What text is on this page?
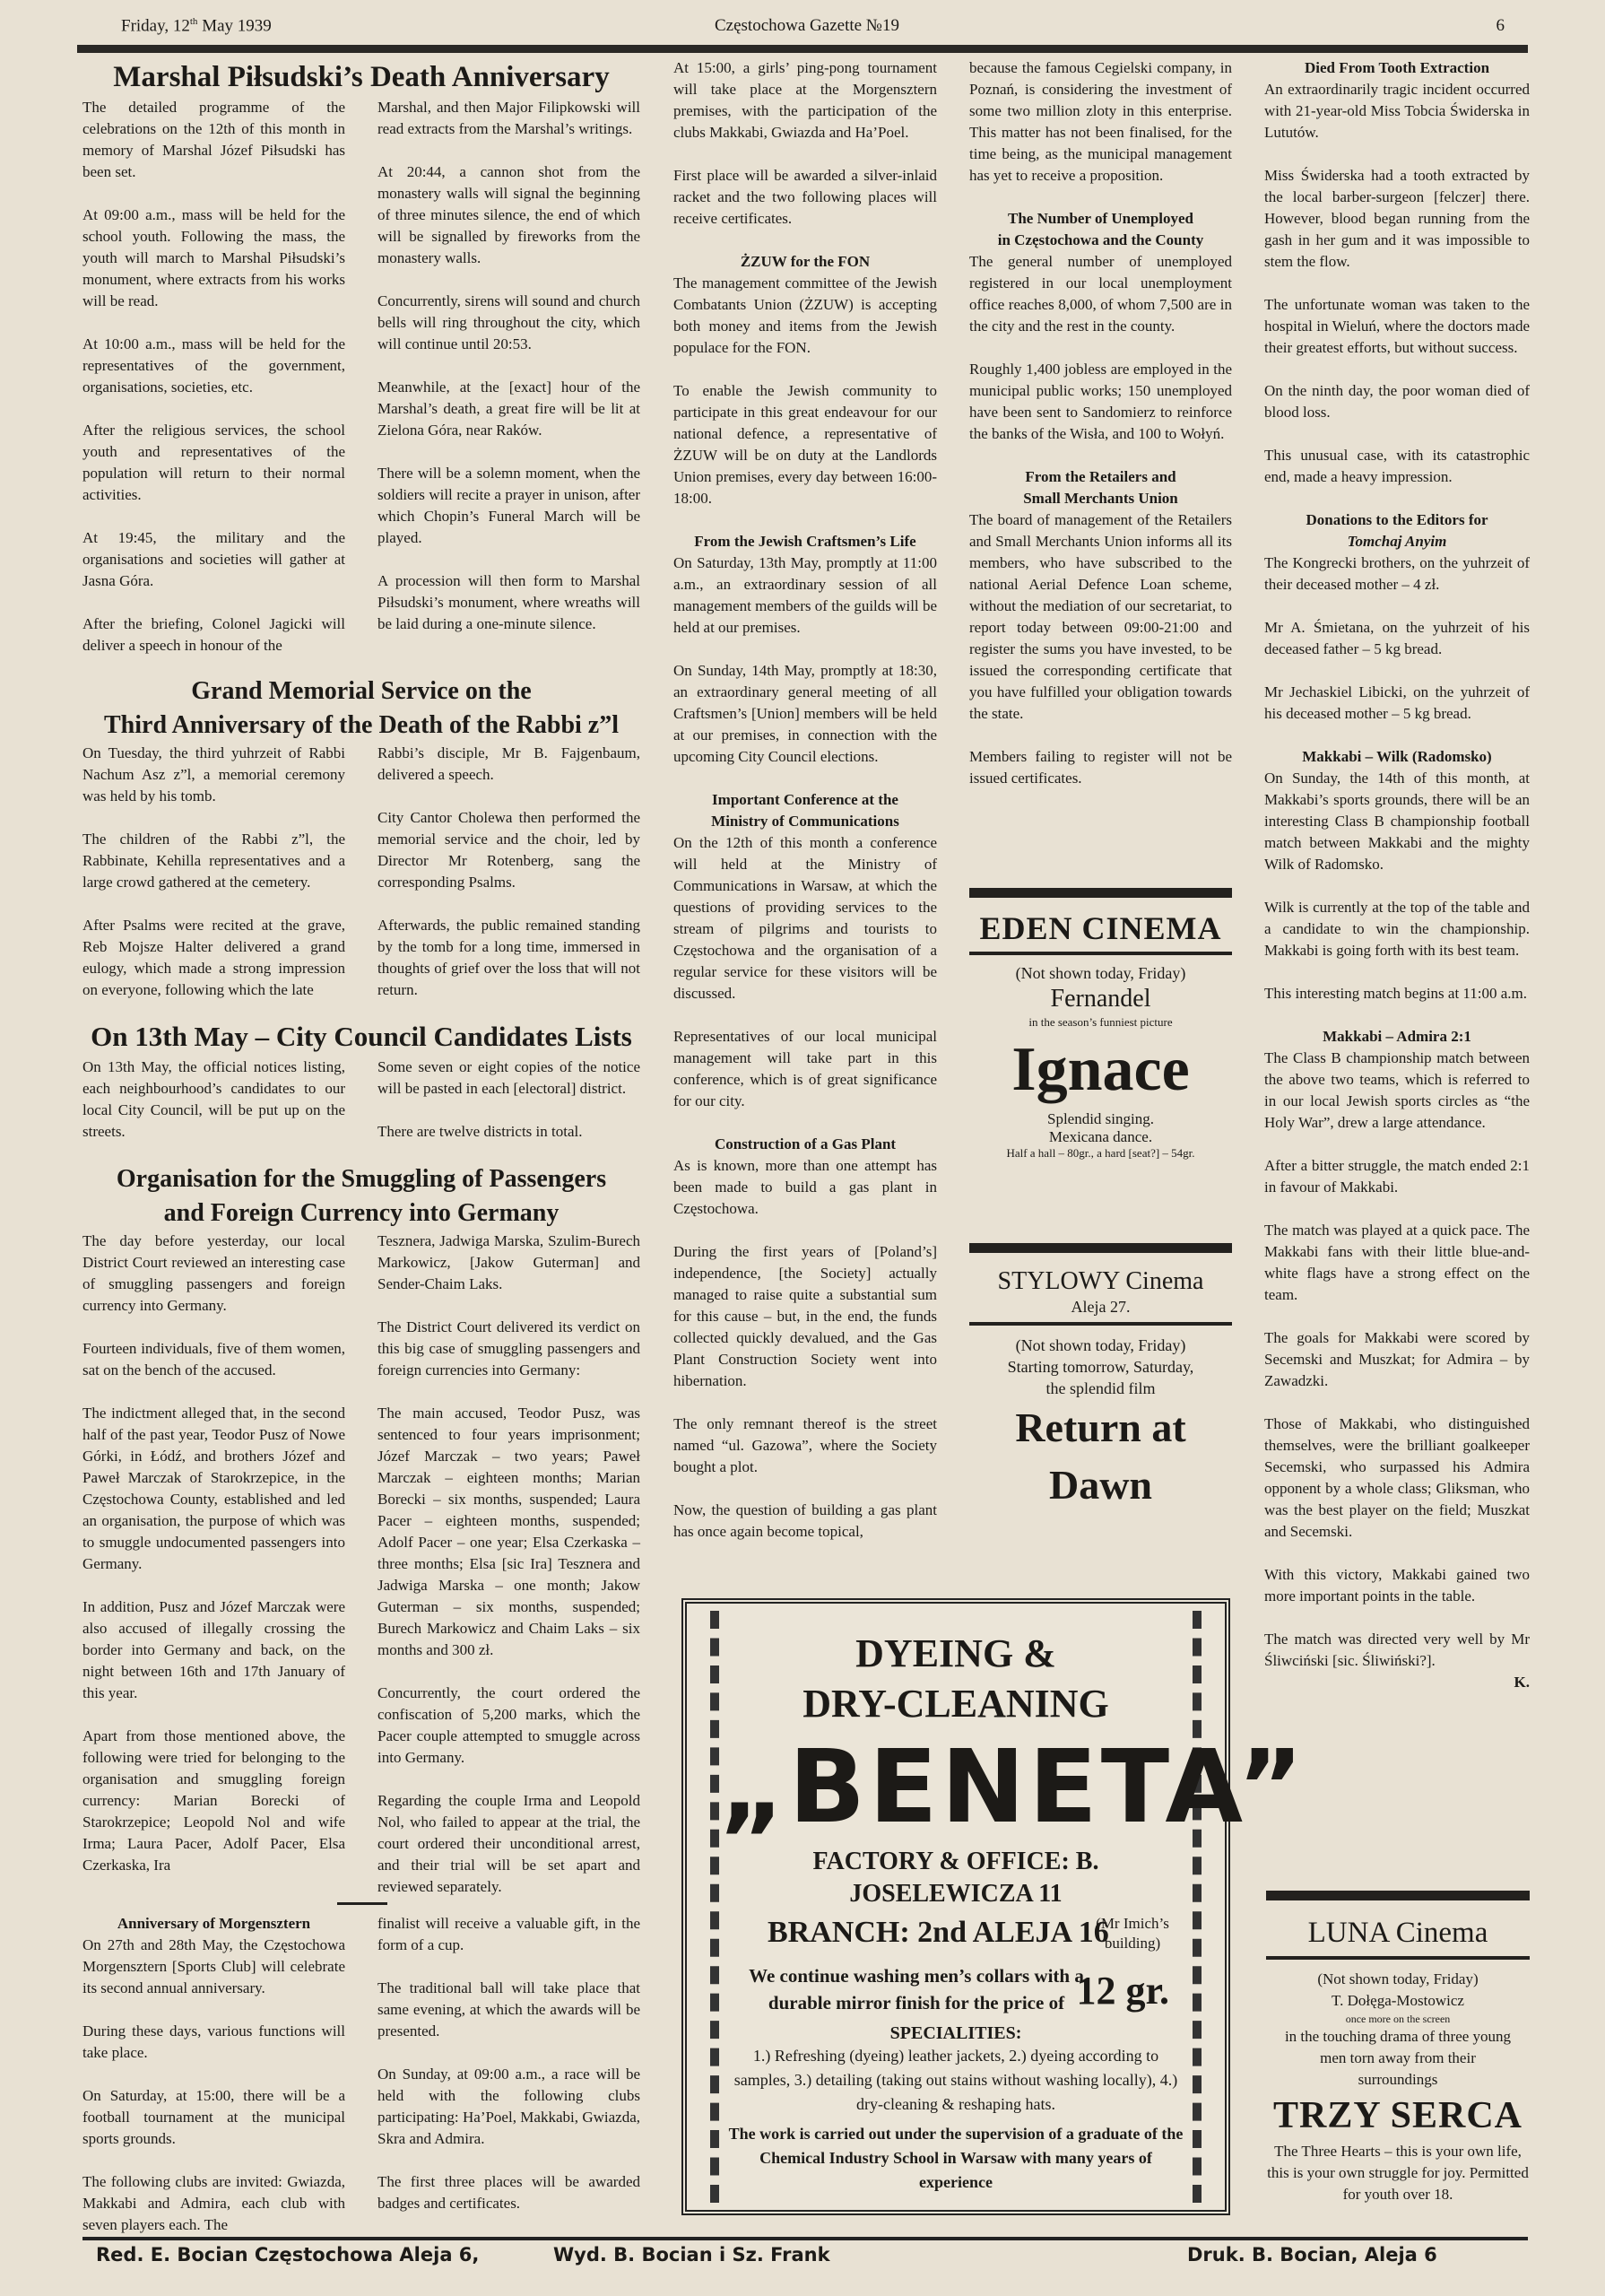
Friday, 12th May 1939	Częstochowa Gazette №19	6
Marshal Piłsudski’s Death Anniversary

The detailed programme of the celebrations on the 12th of this month in memory of Marshal Józef Piłsudski has been set.

At 09:00 a.m., mass will be held for the school youth. Following the mass, the youth will march to Marshal Piłsudski’s monument, where extracts from his works will be read.

At 10:00 a.m., mass will be held for the representatives of the government, organisations, societies, etc.

After the religious services, the school youth and representatives of the population will return to their normal activities.

At 19:45, the military and the organisations and societies will gather at Jasna Góra.

After the briefing, Colonel Jagicki will deliver a speech in honour of the

Marshal, and then Major Filipkowski will read extracts from the Marshal’s writings.

At 20:44, a cannon shot from the monastery walls will signal the beginning of three minutes silence, the end of which will be signalled by fireworks from the monastery walls.

Concurrently, sirens will sound and church bells will ring throughout the city, which will continue until 20:53.

Meanwhile, at the [exact] hour of the Marshal’s death, a great fire will be lit at Zielona Góra, near Raków.

There will be a solemn moment, when the soldiers will recite a prayer in unison, after which Chopin’s Funeral March will be played.

A procession will then form to Marshal Piłsudski’s monument, where wreaths will be laid during a one-minute silence.

Grand Memorial Service on the
Third Anniversary of the Death of the Rabbi z”l

On Tuesday, the third yuhrzeit of Rabbi Nachum Asz z”l, a memorial ceremony was held by his tomb.

The children of the Rabbi z”l, the Rabbinate, Kehilla representatives and a large crowd gathered at the cemetery.

After Psalms were recited at the grave, Reb Mojsze Halter delivered a grand eulogy, which made a strong impression on everyone, following which the late

Rabbi’s disciple, Mr B. Fajgenbaum, delivered a speech.

City Cantor Cholewa then performed the memorial service and the choir, led by Director Mr Rotenberg, sang the corresponding Psalms.

Afterwards, the public remained standing by the tomb for a long time, immersed in thoughts of grief over the loss that will not return.

On 13th May – City Council Candidates Lists

On 13th May, the official notices listing, each neighbourhood’s candidates to our local City Council, will be put up on the streets.

Some seven or eight copies of the notice will be pasted in each [electoral] district.

There are twelve districts in total.

Organisation for the Smuggling of Passengers
and Foreign Currency into Germany

The day before yesterday, our local District Court reviewed an interesting case of smuggling passengers and foreign currency into Germany.

Fourteen individuals, five of them women, sat on the bench of the accused.

The indictment alleged that, in the second half of the past year, Teodor Pusz of Nowe Górki, in Łódź, and brothers Józef and Paweł Marczak of Starokrzepice, in the Częstochowa County, established and led an organisation, the purpose of which was to smuggle undocumented passengers into Germany.

In addition, Pusz and Józef Marczak were also accused of illegally crossing the border into Germany and back, on the night between 16th and 17th January of this year.

Apart from those mentioned above, the following were tried for belonging to the organisation and smuggling foreign currency: Marian Borecki of Starokrzepice; Leopold Nol and wife Irma; Laura Pacer, Adolf Pacer, Elsa Czerkaska, Ira

Tesznera, Jadwiga Marska, Szulim-Burech Markowicz, [Jakow Guterman] and Sender-Chaim Laks.

The District Court delivered its verdict on this big case of smuggling passengers and foreign currencies into Germany:

The main accused, Teodor Pusz, was sentenced to four years imprisonment; Józef Marczak – two years; Paweł Marczak – eighteen months; Marian Borecki – six months, suspended; Laura Pacer – eighteen months, suspended; Adolf Pacer – one year; Elsa Czerkaska – three months; Elsa [sic Ira] Tesznera and Jadwiga Marska – one month; Jakow Guterman – six months, suspended; Burech Markowicz and Chaim Laks – six months and 300 zł.

Concurrently, the court ordered the confiscation of 5,200 marks, which the Pacer couple attempted to smuggle across into Germany.

Regarding the couple Irma and Leopold Nol, who failed to appear at the trial, the court ordered their unconditional arrest, and their trial will be set apart and reviewed separately.

Anniversary of Morgensztern

On 27th and 28th May, the Częstochowa Morgensztern [Sports Club] will celebrate its second annual anniversary.

During these days, various functions will take place.

On Saturday, at 15:00, there will be a football tournament at the municipal sports grounds.

The following clubs are invited: Gwiazda, Makkabi and Admira, each club with seven players each. The

finalist will receive a valuable gift, in the form of a cup.

The traditional ball will take place that same evening, at which the awards will be presented.

On Sunday, at 09:00 a.m., a race will be held with the following clubs participating: Ha’Poel, Makkabi, Gwiazda, Skra and Admira.

The first three places will be awarded badges and certificates.

At 15:00, a girls’ ping-pong tournament will take place at the Morgensztern premises, with the participation of the clubs Makkabi, Gwiazda and Ha’Poel.

First place will be awarded a silver-inlaid racket and the two following places will receive certificates.

ŻZUW for the FON

The management committee of the Jewish Combatants Union (ŻZUW) is accepting both money and items from the Jewish populace for the FON.

To enable the Jewish community to participate in this great endeavour for our national defence, a representative of ŻZUW will be on duty at the Landlords Union premises, every day between 16:00-18:00.

From the Jewish Craftsmen’s Life

On Saturday, 13th May, promptly at 11:00 a.m., an extraordinary session of all management members of the guilds will be held at our premises.

On Sunday, 14th May, promptly at 18:30, an extraordinary general meeting of all Craftsmen’s [Union] members will be held at our premises, in connection with the upcoming City Council elections.

Important Conference at the
Ministry of Communications

On the 12th of this month a conference will held at the Ministry of Communications in Warsaw, at which the questions of providing services to the stream of pilgrims and tourists to Częstochowa and the organisation of a regular service for these visitors will be discussed.

Representatives of our local municipal management will take part in this conference, which is of great significance for our city.

Construction of a Gas Plant

As is known, more than one attempt has been made to build a gas plant in Częstochowa.

During the first years of [Poland’s] independence, [the Society] actually managed to raise quite a substantial sum for this cause – but, in the end, the funds collected quickly devalued, and the Gas Plant Construction Society went into hibernation.

The only remnant thereof is the street named “ul. Gazowa”, where the Society bought a plot.

Now, the question of building a gas plant has once again become topical,

because the famous Cegielski company, in Poznań, is considering the investment of some two million zloty in this enterprise. This matter has not been finalised, for the time being, as the municipal management has yet to receive a proposition.

The Number of Unemployed
in Częstochowa and the County

The general number of unemployed registered in our local unemployment office reaches 8,000, of whom 7,500 are in the city and the rest in the county.

Roughly 1,400 jobless are employed in the municipal public works; 150 unemployed have been sent to Sandomierz to reinforce the banks of the Wisła, and 100 to Wołyń.

From the Retailers and
Small Merchants Union

The board of management of the Retailers and Small Merchants Union informs all its members, who have subscribed to the national Aerial Defence Loan scheme, without the mediation of our secretariat, to report today between 09:00-21:00 and register the sums you have invested, to be issued the corresponding certificate that you have fulfilled your obligation towards the state.

Members failing to register will not be issued certificates.

EDEN CINEMA
(Not shown today, Friday)
Fernandel
in the season’s funniest picture
Ignace
Splendid singing.
Mexicana dance.
Half a hall – 80gr., a hard [seat?] – 54gr.
STYLOWY Cinema
Aleja 27.
(Not shown today, Friday)
Starting tomorrow, Saturday,
the splendid film
Return at
Dawn
DYEING &
DRY-CLEANING
„BENETA”
FACTORY & OFFICE: B. JOSELEWICZA 11
BRANCH: 2nd ALEJA 16
(Mr Imich’s building)
We continue washing men’s collars with a durable mirror finish for the price of 12 gr.
SPECIALITIES:
1.) Refreshing (dyeing) leather jackets, 2.) dyeing according to samples, 3.) detailing (taking out stains without washing locally), 4.) dry-cleaning & reshaping hats.
The work is carried out under the supervision of a graduate of the Chemical Industry School in Warsaw with many years of experience
Died From Tooth Extraction

An extraordinarily tragic incident occurred with 21-year-old Miss Tobcia Świderska in Lututów.

Miss Świderska had a tooth extracted by the local barber-surgeon [felczer] there. However, blood began running from the gash in her gum and it was impossible to stem the flow.

The unfortunate woman was taken to the hospital in Wieluń, where the doctors made their greatest efforts, but without success.

On the ninth day, the poor woman died of blood loss.

This unusual case, with its catastrophic end, made a heavy impression.

Donations to the Editors for
Tomchaj Anyim

The Kongrecki brothers, on the yuhrzeit of their deceased mother – 4 zł.

Mr A. Śmietana, on the yuhrzeit of his deceased father – 5 kg bread.

Mr Jechaskiel Libicki, on the yuhrzeit of his deceased mother – 5 kg bread.

Makkabi – Wilk (Radomsko)

On Sunday, the 14th of this month, at Makkabi’s sports grounds, there will be an interesting Class B championship football match between Makkabi and the mighty Wilk of Radomsko.

Wilk is currently at the top of the table and a candidate to win the championship. Makkabi is going forth with its best team.

This interesting match begins at 11:00 a.m.

Makkabi – Admira 2:1

The Class B championship match between the above two teams, which is referred to in our local Jewish sports circles as “the Holy War”, drew a large attendance.

After a bitter struggle, the match ended 2:1 in favour of Makkabi.

The match was played at a quick pace. The Makkabi fans with their little blue-and-white flags have a strong effect on the team.

The goals for Makkabi were scored by Secemski and Muszkat; for Admira – by Zawadzki.

Those of Makkabi, who distinguished themselves, were the brilliant goalkeeper Secemski, who surpassed his Admira opponent by a whole class; Gliksman, who was the best player on the field; Muszkat and Secemski.

With this victory, Makkabi gained two more important points in the table.

The match was directed very well by Mr Śliwciński [sic. Śliwiński?].

K.
LUNA Cinema
(Not shown today, Friday)
T. Dołęga-Mostowicz
once more on the screen
in the touching drama of three young men torn away from their surroundings
TRZY SERCA
The Three Hearts – this is your own life, this is your own struggle for joy. Permitted for youth over 18.
Red. E. Bocian Częstochowa Aleja 6,	Wyd. B. Bocian i Sz. Frank	Druk. B. Bocian, Aleja 6
